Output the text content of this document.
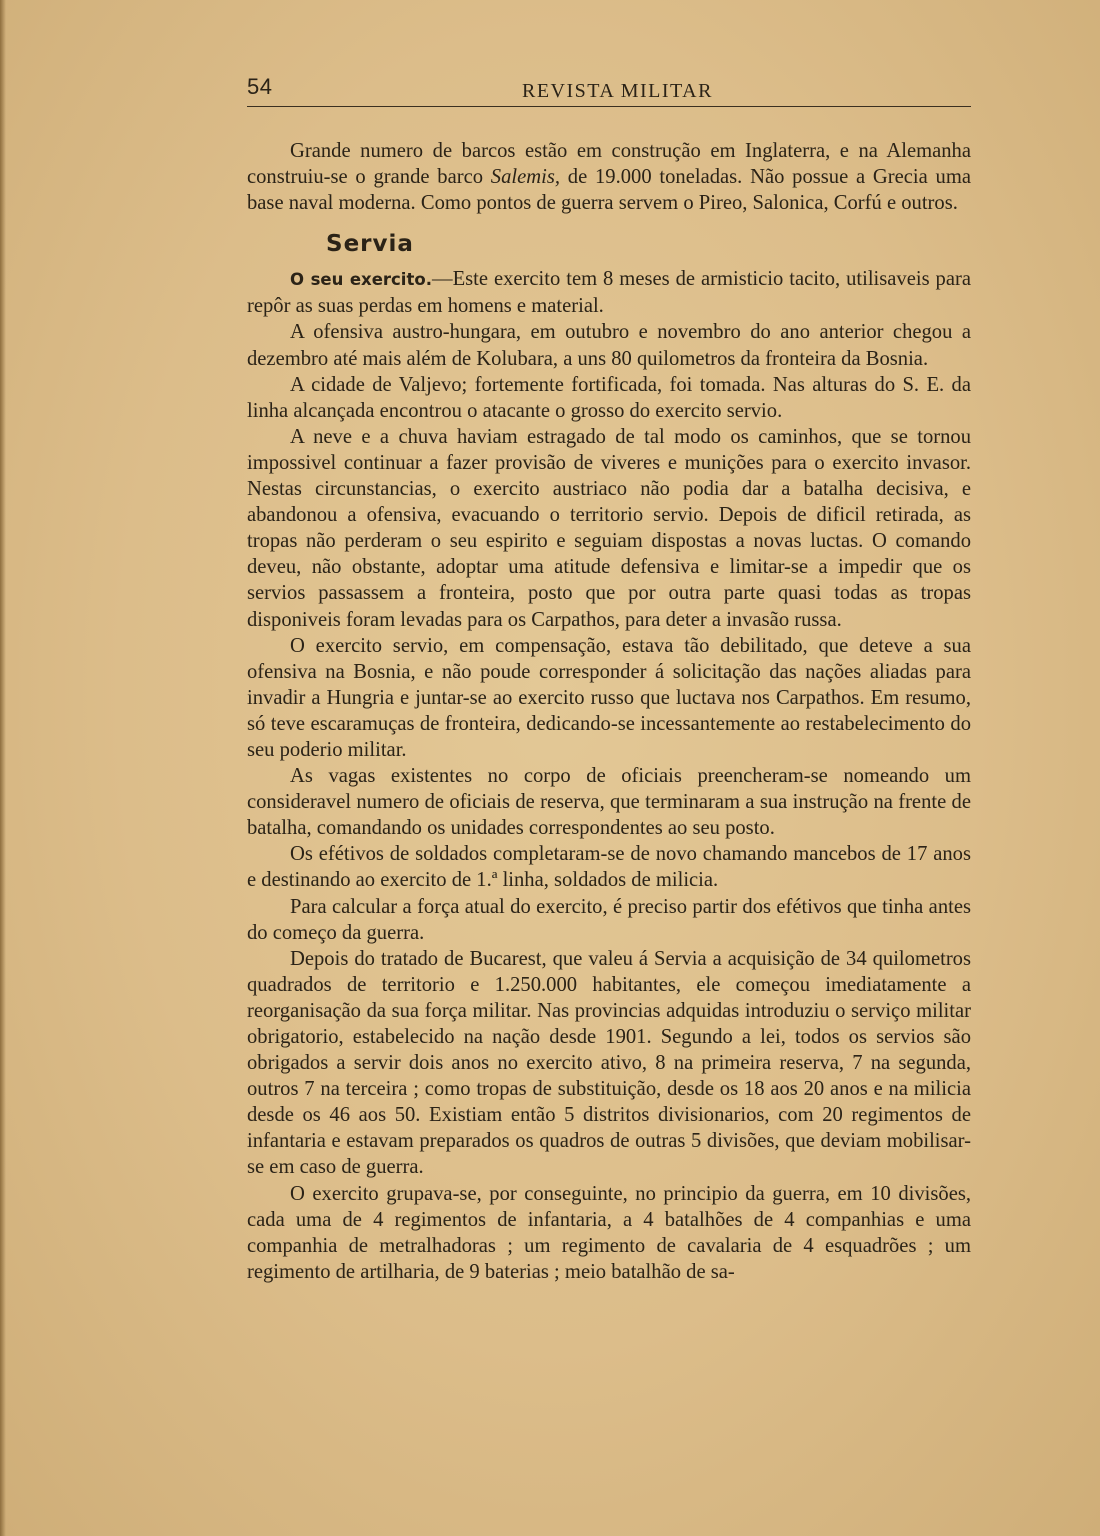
54	REVISTA MILITAR

Grande numero de barcos estão em construção em Inglaterra, e na Alemanha construiu-se o grande barco Salemis, de 19.000 toneladas. Não possue a Grecia uma base naval moderna. Como pontos de guerra servem o Pireo, Salonica, Corfú e outros.

Servia

O seu exercito.—Este exercito tem 8 meses de armisticio tacito, utilisaveis para repôr as suas perdas em homens e material.

A ofensiva austro-hungara, em outubro e novembro do ano anterior chegou a dezembro até mais além de Kolubara, a uns 80 quilometros da fronteira da Bosnia.

A cidade de Valjevo; fortemente fortificada, foi tomada. Nas alturas do S. E. da linha alcançada encontrou o atacante o grosso do exercito servio.

A neve e a chuva haviam estragado de tal modo os caminhos, que se tornou impossivel continuar a fazer provisão de viveres e munições para o exercito invasor. Nestas circunstancias, o exercito austriaco não podia dar a batalha decisiva, e abandonou a ofensiva, evacuando o territorio servio. Depois de dificil retirada, as tropas não perderam o seu espirito e seguiam dispostas a novas luctas. O comando deveu, não obstante, adoptar uma atitude defensiva e limitar-se a impedir que os servios passassem a fronteira, posto que por outra parte quasi todas as tropas disponiveis foram levadas para os Carpathos, para deter a invasão russa.

O exercito servio, em compensação, estava tão debilitado, que deteve a sua ofensiva na Bosnia, e não poude corresponder á solicitação das nações aliadas para invadir a Hungria e juntar-se ao exercito russo que luctava nos Carpathos. Em resumo, só teve escaramuças de fronteira, dedicando-se incessantemente ao restabelecimento do seu poderio militar.

As vagas existentes no corpo de oficiais preencheram-se nomeando um consideravel numero de oficiais de reserva, que terminaram a sua instrução na frente de batalha, comandando os unidades correspondentes ao seu posto.

Os efétivos de soldados completaram-se de novo chamando mancebos de 17 anos e destinando ao exercito de 1.ª linha, soldados de milicia.

Para calcular a força atual do exercito, é preciso partir dos efétivos que tinha antes do começo da guerra.

Depois do tratado de Bucarest, que valeu á Servia a acquisição de 34 quilometros quadrados de territorio e 1.250.000 habitantes, ele começou imediatamente a reorganisação da sua força militar. Nas provincias adquidas introduziu o serviço militar obrigatorio, estabelecido na nação desde 1901. Segundo a lei, todos os servios são obrigados a servir dois anos no exercito ativo, 8 na primeira reserva, 7 na segunda, outros 7 na terceira ; como tropas de substituição, desde os 18 aos 20 anos e na milicia desde os 46 aos 50. Existiam então 5 distritos divisionarios, com 20 regimentos de infantaria e estavam preparados os quadros de outras 5 divisões, que deviam mobilisar-se em caso de guerra.

O exercito grupava-se, por conseguinte, no principio da guerra, em 10 divisões, cada uma de 4 regimentos de infantaria, a 4 batalhões de 4 companhias e uma companhia de metralhadoras ; um regimento de cavalaria de 4 esquadrões ; um regimento de artilharia, de 9 baterias ; meio batalhão de sa-
